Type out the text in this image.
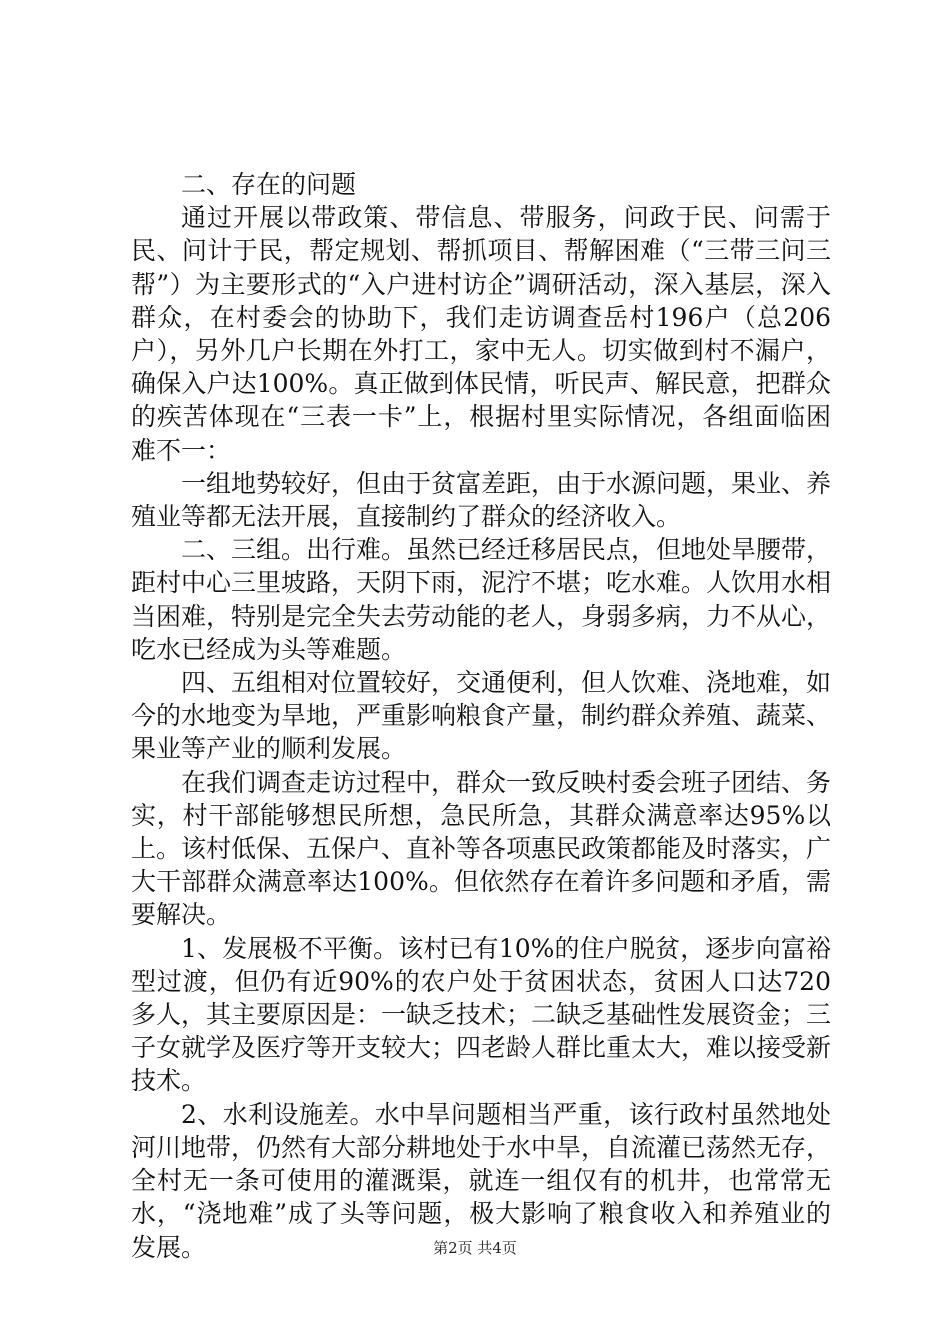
二、存在的问题

通过开展以带政策、带信息、带服务，问政于民、问需于民、问计于民，帮定规划、帮抓项目、帮解困难（“三带三问三帮”）为主要形式的“入户进村访企”调研活动，深入基层，深入群众，在村委会的协助下，我们走访调查岳村196户（总206户），另外几户长期在外打工，家中无人。切实做到村不漏户，确保入户达100%。真正做到体民情，听民声、解民意，把群众的疾苦体现在“三表一卡”上，根据村里实际情况，各组面临困难不一：

一组地势较好，但由于贫富差距，由于水源问题，果业、养殖业等都无法开展，直接制约了群众的经济收入。

二、三组。出行难。虽然已经迁移居民点，但地处旱腰带，距村中心三里坡路，天阴下雨，泥泞不堪；吃水难。人饮用水相当困难，特别是完全失去劳动能的老人，身弱多病，力不从心，吃水已经成为头等难题。

四、五组相对位置较好，交通便利，但人饮难、浇地难，如今的水地变为旱地，严重影响粮食产量，制约群众养殖、蔬菜、果业等产业的顺利发展。

在我们调查走访过程中，群众一致反映村委会班子团结、务实，村干部能够想民所想，急民所急，其群众满意率达95%以上。该村低保、五保户、直补等各项惠民政策都能及时落实，广大干部群众满意率达100%。但依然存在着许多问题和矛盾，需要解决。

1、发展极不平衡。该村已有10%的住户脱贫，逐步向富裕型过渡，但仍有近90%的农户处于贫困状态，贫困人口达720多人，其主要原因是：一缺乏技术；二缺乏基础性发展资金；三子女就学及医疗等开支较大；四老龄人群比重太大，难以接受新技术。

2、水利设施差。水中旱问题相当严重，该行政村虽然地处河川地带，仍然有大部分耕地处于水中旱，自流灌已荡然无存，全村无一条可使用的灌溉渠，就连一组仅有的机井，也常常无水，“浇地难”成了头等问题，极大影响了粮食收入和养殖业的发展。	第2页 共4页
